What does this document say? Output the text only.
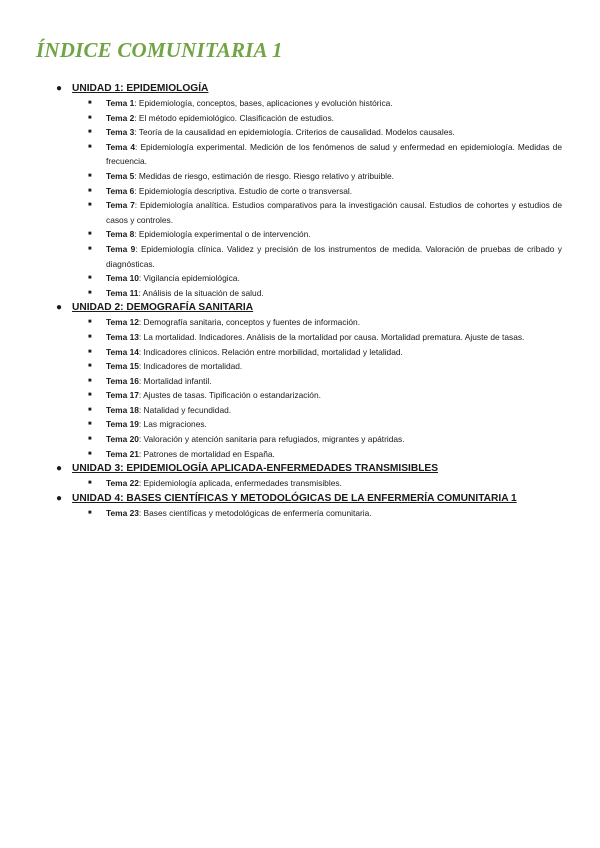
ÍNDICE COMUNITARIA 1
● UNIDAD 1: EPIDEMIOLOGÍA
■ Tema 1: Epidemiología, conceptos, bases, aplicaciones y evolución histórica.
■ Tema 2: El método epidemiológico. Clasificación de estudios.
■ Tema 3: Teoría de la causalidad en epidemiología. Criterios de causalidad. Modelos causales.
■ Tema 4: Epidemiología experimental. Medición de los fenómenos de salud y enfermedad en epidemiología. Medidas de frecuencia.
■ Tema 5: Medidas de riesgo, estimación de riesgo. Riesgo relativo y atribuible.
■ Tema 6: Epidemiología descriptiva. Estudio de corte o transversal.
■ Tema 7: Epidemiología analítica. Estudios comparativos para la investigación causal. Estudios de cohortes y estudios de casos y controles.
■ Tema 8: Epidemiología experimental o de intervención.
■ Tema 9: Epidemiología clínica. Validez y precisión de los instrumentos de medida. Valoración de pruebas de cribado y diagnósticas.
■ Tema 10: Vigilancia epidemiológica.
■ Tema 11: Análisis de la situación de salud.
● UNIDAD 2: DEMOGRAFÍA SANITARIA
■ Tema 12: Demografía sanitaria, conceptos y fuentes de información.
■ Tema 13: La mortalidad. Indicadores. Análisis de la mortalidad por causa. Mortalidad prematura. Ajuste de tasas.
■ Tema 14: Indicadores clínicos. Relación entre morbilidad, mortalidad y letalidad.
■ Tema 15: Indicadores de mortalidad.
■ Tema 16: Mortalidad infantil.
■ Tema 17: Ajustes de tasas. Tipificación o estandarización.
■ Tema 18: Natalidad y fecundidad.
■ Tema 19: Las migraciones.
■ Tema 20: Valoración y atención sanitaria para refugiados, migrantes y apátridas.
■ Tema 21: Patrones de mortalidad en España.
● UNIDAD 3: EPIDEMIOLOGÍA APLICADA-ENFERMEDADES TRANSMISIBLES
■ Tema 22: Epidemiología aplicada, enfermedades transmisibles.
● UNIDAD 4: BASES CIENTÍFICAS Y METODOLÓGICAS DE LA ENFERMERÍA COMUNITARIA 1
■ Tema 23: Bases científicas y metodológicas de enfermería comunitaria.
